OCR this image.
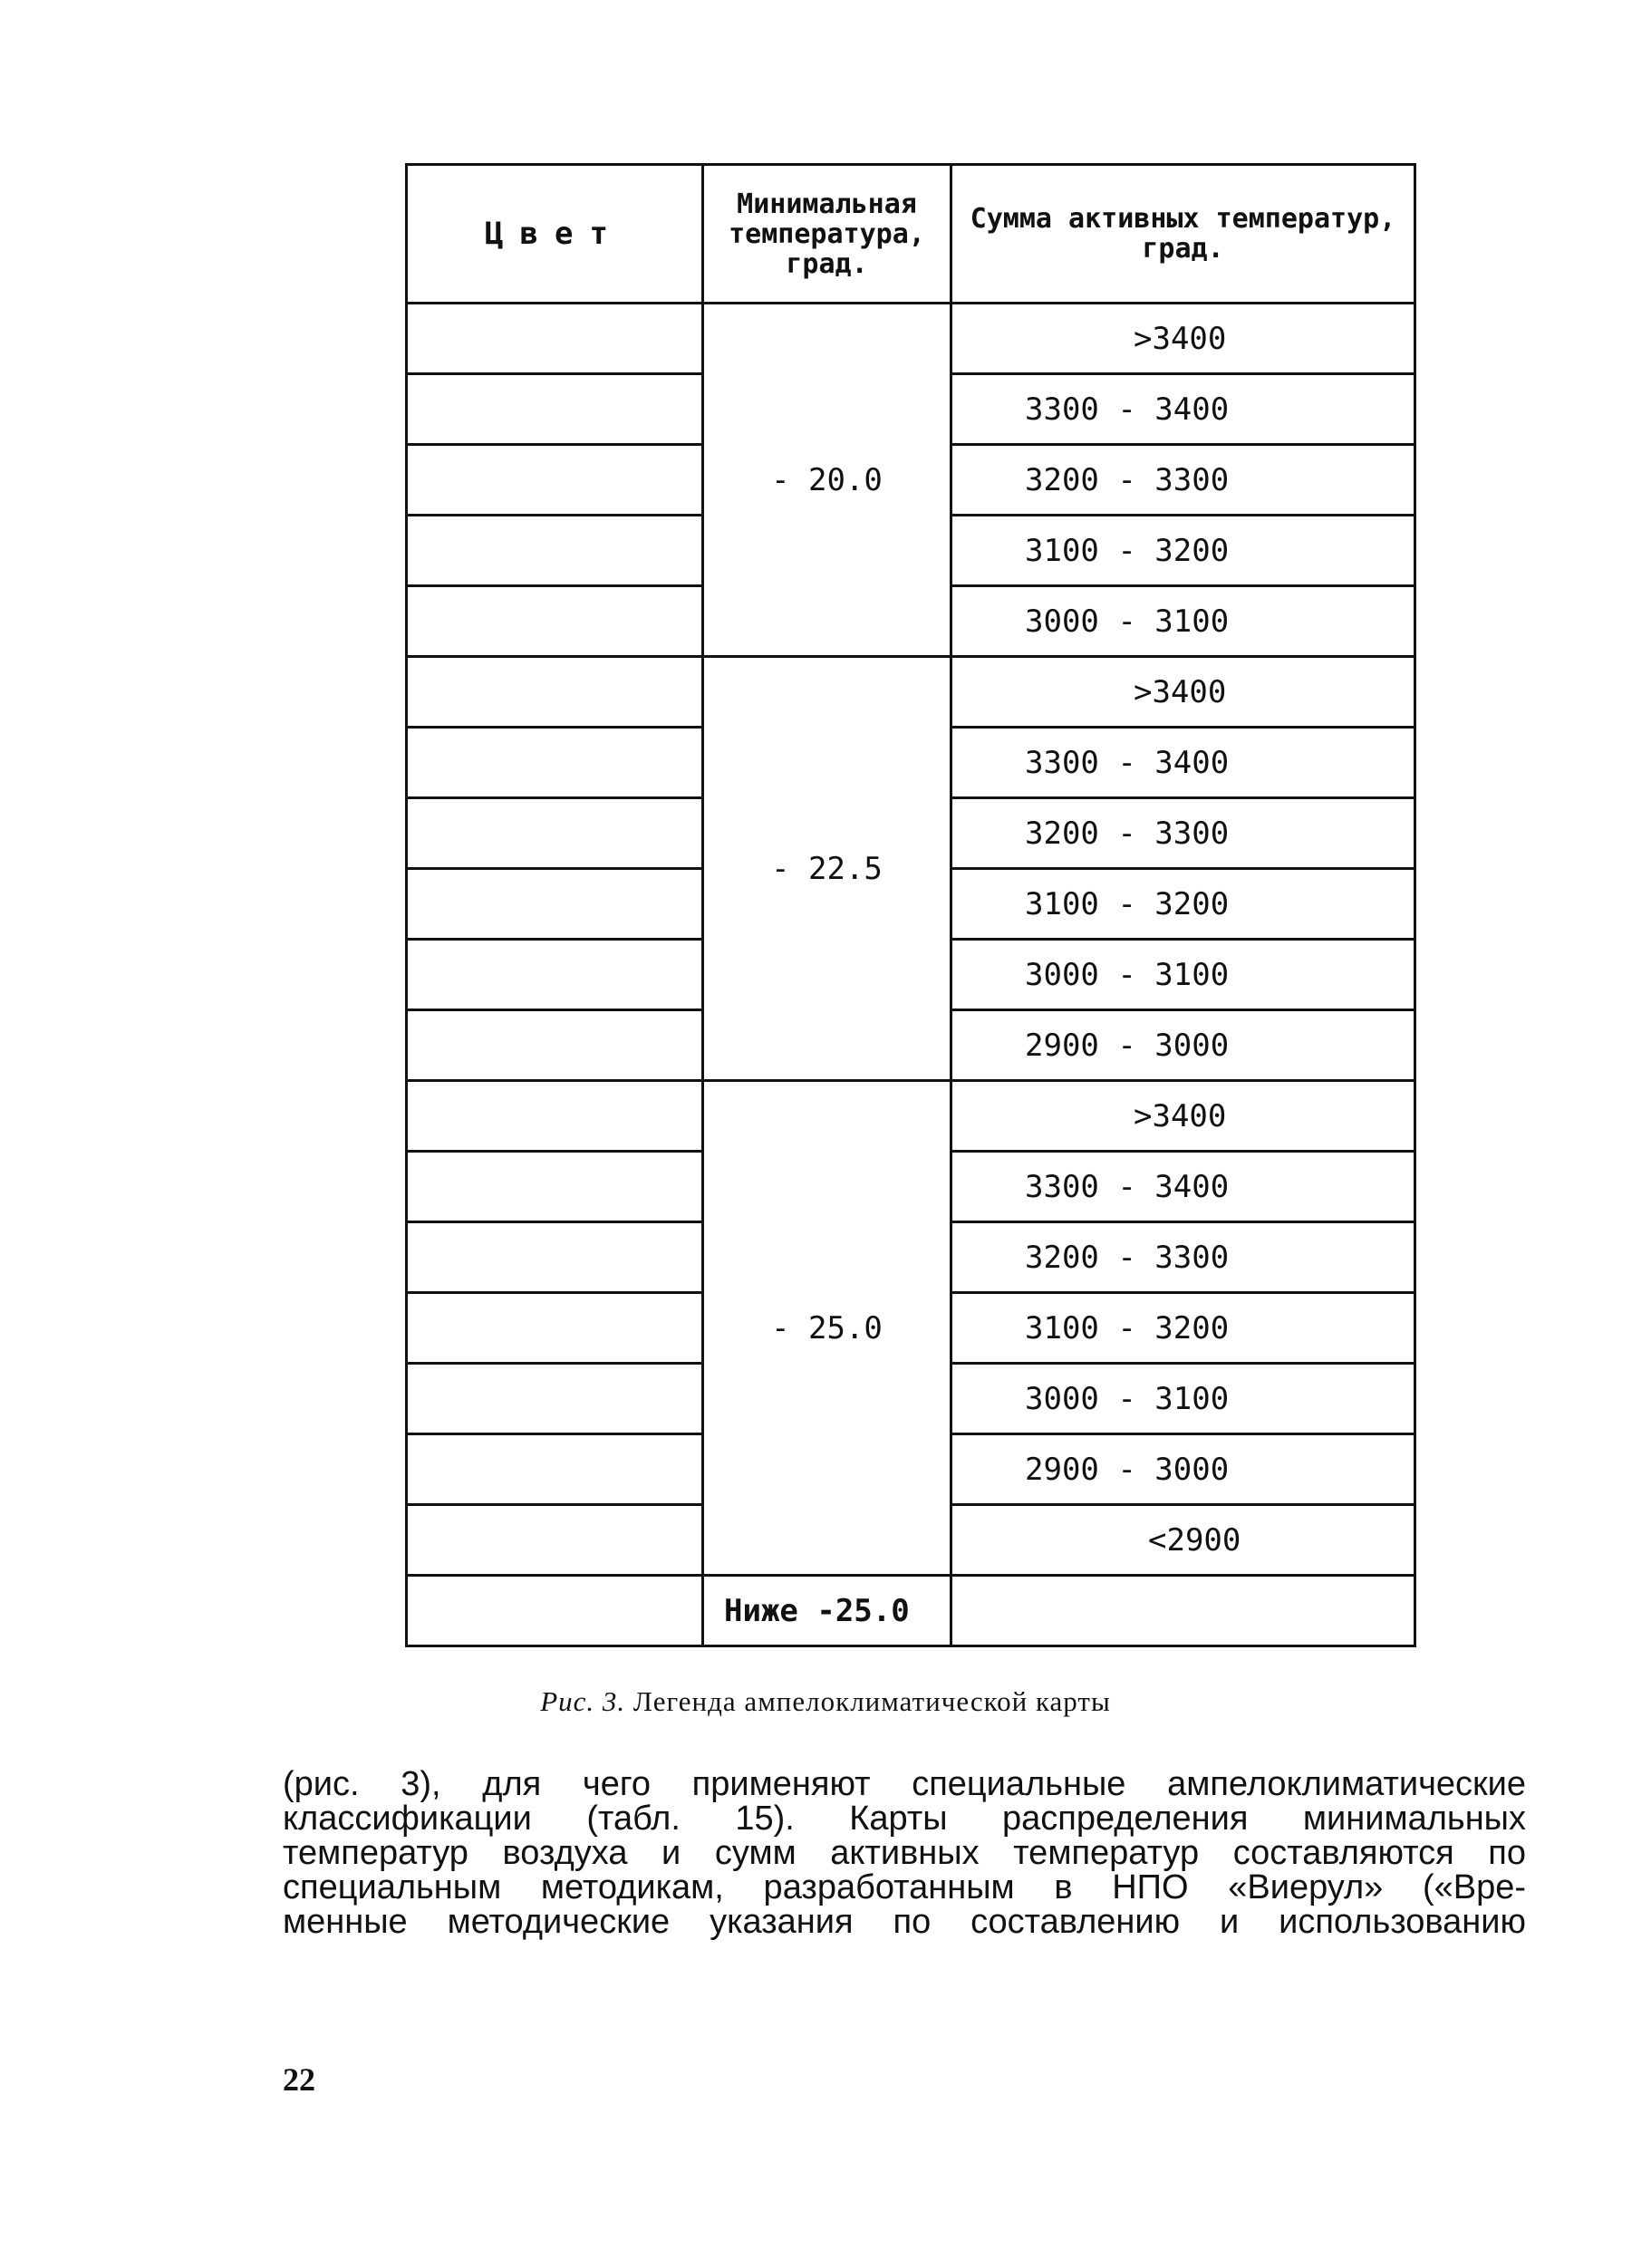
Цвет	Минимальная температура, град.	Сумма активных температур, град.
	- 20.0	>3400
		3300 - 3400
		3200 - 3300
		3100 - 3200
		3000 - 3100
	- 22.5	>3400
		3300 - 3400
		3200 - 3300
		3100 - 3200
		3000 - 3100
		2900 - 3000
	- 25.0	>3400
		3300 - 3400
		3200 - 3300
		3100 - 3200
		3000 - 3100
		2900 - 3000
		<2900
	Ниже -25.0	
Рис. 3. Легенда ампелоклиматической карты
(рис. 3), для чего применяют специальные ампелоклиматические
классификации (табл. 15). Карты распределения минимальных
температур воздуха и сумм активных температур составляются по
специальным методикам, разработанным в НПО «Виерул» («Вре-
менные методические указания по составлению и использованию
22
